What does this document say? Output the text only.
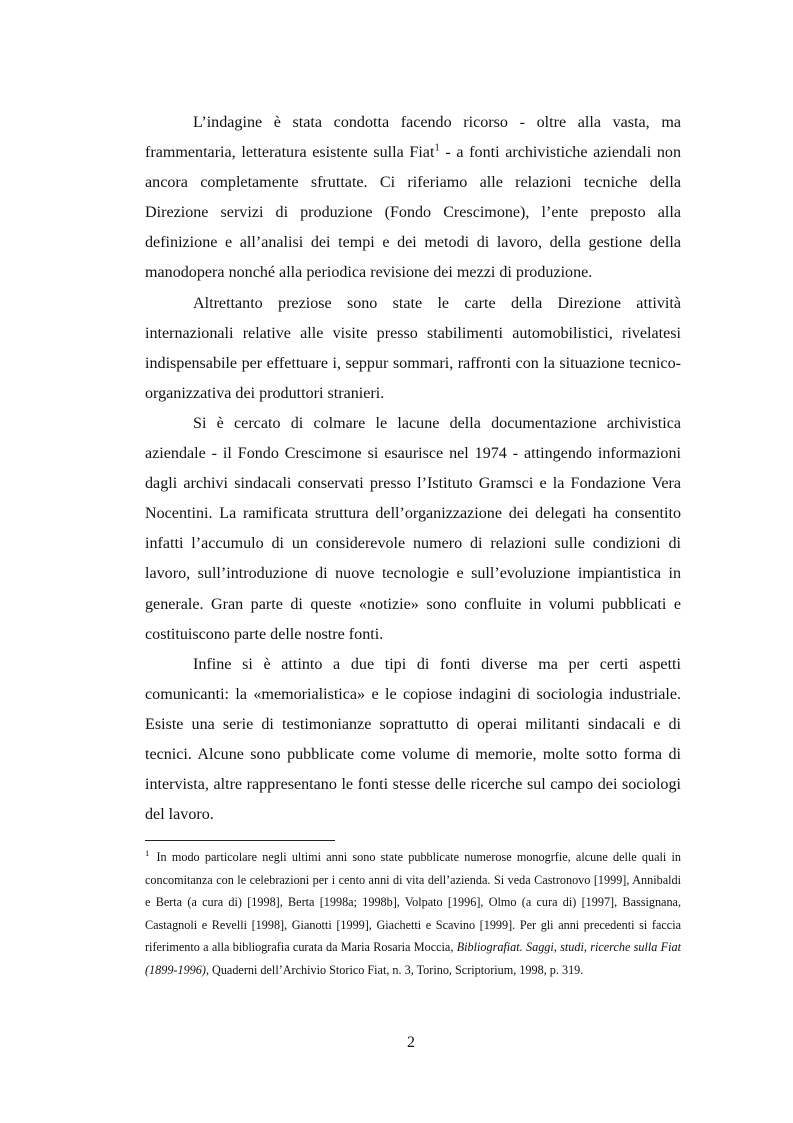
L’indagine è stata condotta facendo ricorso - oltre alla vasta, ma frammentaria, letteratura esistente sulla Fiat$^1$ - a fonti archivistiche aziendali non ancora completamente sfruttate. Ci riferiamo alle relazioni tecniche della Direzione servizi di produzione (Fondo Crescimone), l’ente preposto alla definizione e all’analisi dei tempi e dei metodi di lavoro, della gestione della manodopera nonché alla periodica revisione dei mezzi di produzione.

Altrettanto preziose sono state le carte della Direzione attività internazionali relative alle visite presso stabilimenti automobilistici, rivelatesi indispensabile per effettuare i, seppur sommari, raffronti con la situazione tecnico-organizzativa dei produttori stranieri.

Si è cercato di colmare le lacune della documentazione archivistica aziendale - il Fondo Crescimone si esaurisce nel 1974 - attingendo informazioni dagli archivi sindacali conservati presso l’Istituto Gramsci e la Fondazione Vera Nocentini. La ramificata struttura dell’organizzazione dei delegati ha consentito infatti l’accumulo di un considerevole numero di relazioni sulle condizioni di lavoro, sull’introduzione di nuove tecnologie e sull’evoluzione impiantistica in generale. Gran parte di queste «notizie» sono confluite in volumi pubblicati e costituiscono parte delle nostre fonti.

Infine si è attinto a due tipi di fonti diverse ma per certi aspetti comunicanti: la «memorialistica» e le copiose indagini di sociologia industriale. Esiste una serie di testimonianze soprattutto di operai militanti sindacali e di tecnici. Alcune sono pubblicate come volume di memorie, molte sotto forma di intervista, altre rappresentano le fonti stesse delle ricerche sul campo dei sociologi del lavoro.

$^1$ In modo particolare negli ultimi anni sono state pubblicate numerose monogrfie, alcune delle quali in concomitanza con le celebrazioni per i cento anni di vita dell’azienda. Si veda Castronovo [1999], Annibaldi e Berta (a cura di) [1998], Berta [1998a; 1998b], Volpato [1996], Olmo (a cura di) [1997], Bassignana, Castagnoli e Revelli [1998], Gianotti [1999], Giachetti e Scavino [1999]. Per gli anni precedenti si faccia riferimento a alla bibliografia curata da Maria Rosaria Moccia, Bibliografiat. Saggi, studi, ricerche sulla Fiat (1899-1996), Quaderni dell’Archivio Storico Fiat, n. 3, Torino, Scriptorium, 1998, p. 319.

2
